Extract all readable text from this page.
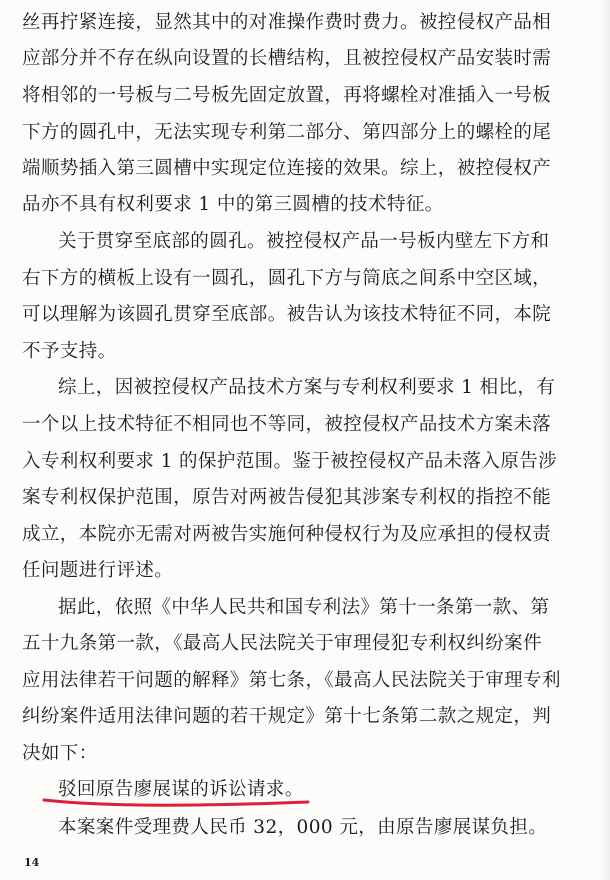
丝再拧紧连接，显然其中的对准操作费时费力。被控侵权产品相
应部分并不存在纵向设置的长槽结构，且被控侵权产品安装时需
将相邻的一号板与二号板先固定放置，再将螺栓对准插入一号板
下方的圆孔中，无法实现专利第二部分、第四部分上的螺栓的尾
端顺势插入第三圆槽中实现定位连接的效果。综上，被控侵权产
品亦不具有权利要求 1 中的第三圆槽的技术特征。
关于贯穿至底部的圆孔。被控侵权产品一号板内壁左下方和
右下方的横板上设有一圆孔，圆孔下方与筒底之间系中空区域，
可以理解为该圆孔贯穿至底部。被告认为该技术特征不同，本院
不予支持。
综上，因被控侵权产品技术方案与专利权利要求 1 相比，有
一个以上技术特征不相同也不等同，被控侵权产品技术方案未落
入专利权利要求 1 的保护范围。鉴于被控侵权产品未落入原告涉
案专利权保护范围，原告对两被告侵犯其涉案专利权的指控不能
成立，本院亦无需对两被告实施何种侵权行为及应承担的侵权责
任问题进行评述。
据此，依照《中华人民共和国专利法》第十一条第一款、第
五十九条第一款，《最高人民法院关于审理侵犯专利权纠纷案件
应用法律若干问题的解释》第七条，《最高人民法院关于审理专利
纠纷案件适用法律问题的若干规定》第十七条第二款之规定，判
决如下：
驳回原告廖展谋的诉讼请求。
本案案件受理费人民币 32，000 元，由原告廖展谋负担。
14
